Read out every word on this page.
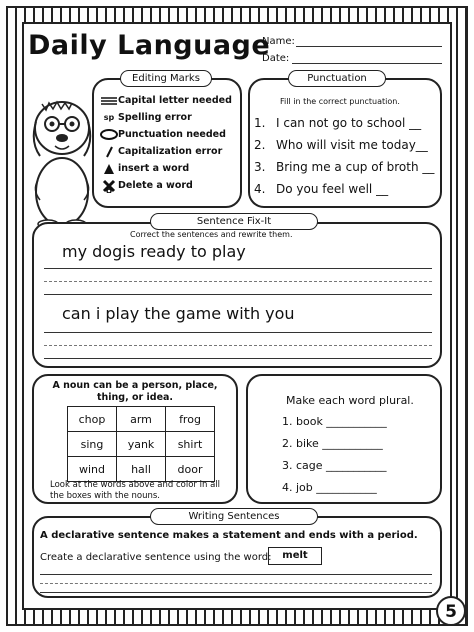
Daily Language
Name:
Date:
Editing Marks
Capital letter needed
sp Spelling error
Punctuation needed
Capitalization error
insert a word
Delete a word
Punctuation
Fill in the correct punctuation.
1. I can not go to school __
2. Who will visit me today__
3. Bring me a cup of broth __
4. Do you feel well __
Sentence Fix-It
Correct the sentences and rewrite them.
my dogis ready to play
can i play the game with you
A noun can be a person, place, thing, or idea.
chop	arm	frog
sing	yank	shirt
wind	hall	door
Look at the words above and color in all the boxes with the nouns.
Make each word plural.
1. book ___________
2. bike ___________
3. cage ___________
4. job ___________
Writing Sentences
A declarative sentence makes a statement and ends with a period.
Create a declarative sentence using the word:	melt
5
